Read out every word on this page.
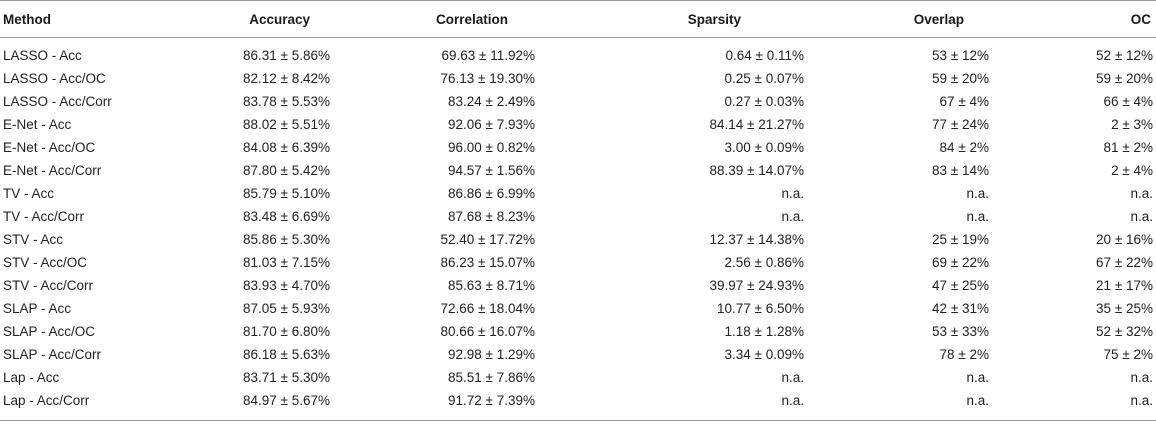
Method	Accuracy	Correlation	Sparsity	Overlap	OC
LASSO - Acc	86.31 ± 5.86%	69.63 ± 11.92%	0.64 ± 0.11%	53 ± 12%	52 ± 12%
LASSO - Acc/OC	82.12 ± 8.42%	76.13 ± 19.30%	0.25 ± 0.07%	59 ± 20%	59 ± 20%
LASSO - Acc/Corr	83.78 ± 5.53%	83.24 ± 2.49%	0.27 ± 0.03%	67 ± 4%	66 ± 4%
E-Net - Acc	88.02 ± 5.51%	92.06 ± 7.93%	84.14 ± 21.27%	77 ± 24%	2 ± 3%
E-Net - Acc/OC	84.08 ± 6.39%	96.00 ± 0.82%	3.00 ± 0.09%	84 ± 2%	81 ± 2%
E-Net - Acc/Corr	87.80 ± 5.42%	94.57 ± 1.56%	88.39 ± 14.07%	83 ± 14%	2 ± 4%
TV - Acc	85.79 ± 5.10%	86.86 ± 6.99%	n.a.	n.a.	n.a.
TV - Acc/Corr	83.48 ± 6.69%	87.68 ± 8.23%	n.a.	n.a.	n.a.
STV - Acc	85.86 ± 5.30%	52.40 ± 17.72%	12.37 ± 14.38%	25 ± 19%	20 ± 16%
STV - Acc/OC	81.03 ± 7.15%	86.23 ± 15.07%	2.56 ± 0.86%	69 ± 22%	67 ± 22%
STV - Acc/Corr	83.93 ± 4.70%	85.63 ± 8.71%	39.97 ± 24.93%	47 ± 25%	21 ± 17%
SLAP - Acc	87.05 ± 5.93%	72.66 ± 18.04%	10.77 ± 6.50%	42 ± 31%	35 ± 25%
SLAP - Acc/OC	81.70 ± 6.80%	80.66 ± 16.07%	1.18 ± 1.28%	53 ± 33%	52 ± 32%
SLAP - Acc/Corr	86.18 ± 5.63%	92.98 ± 1.29%	3.34 ± 0.09%	78 ± 2%	75 ± 2%
Lap - Acc	83.71 ± 5.30%	85.51 ± 7.86%	n.a.	n.a.	n.a.
Lap - Acc/Corr	84.97 ± 5.67%	91.72 ± 7.39%	n.a.	n.a.	n.a.
